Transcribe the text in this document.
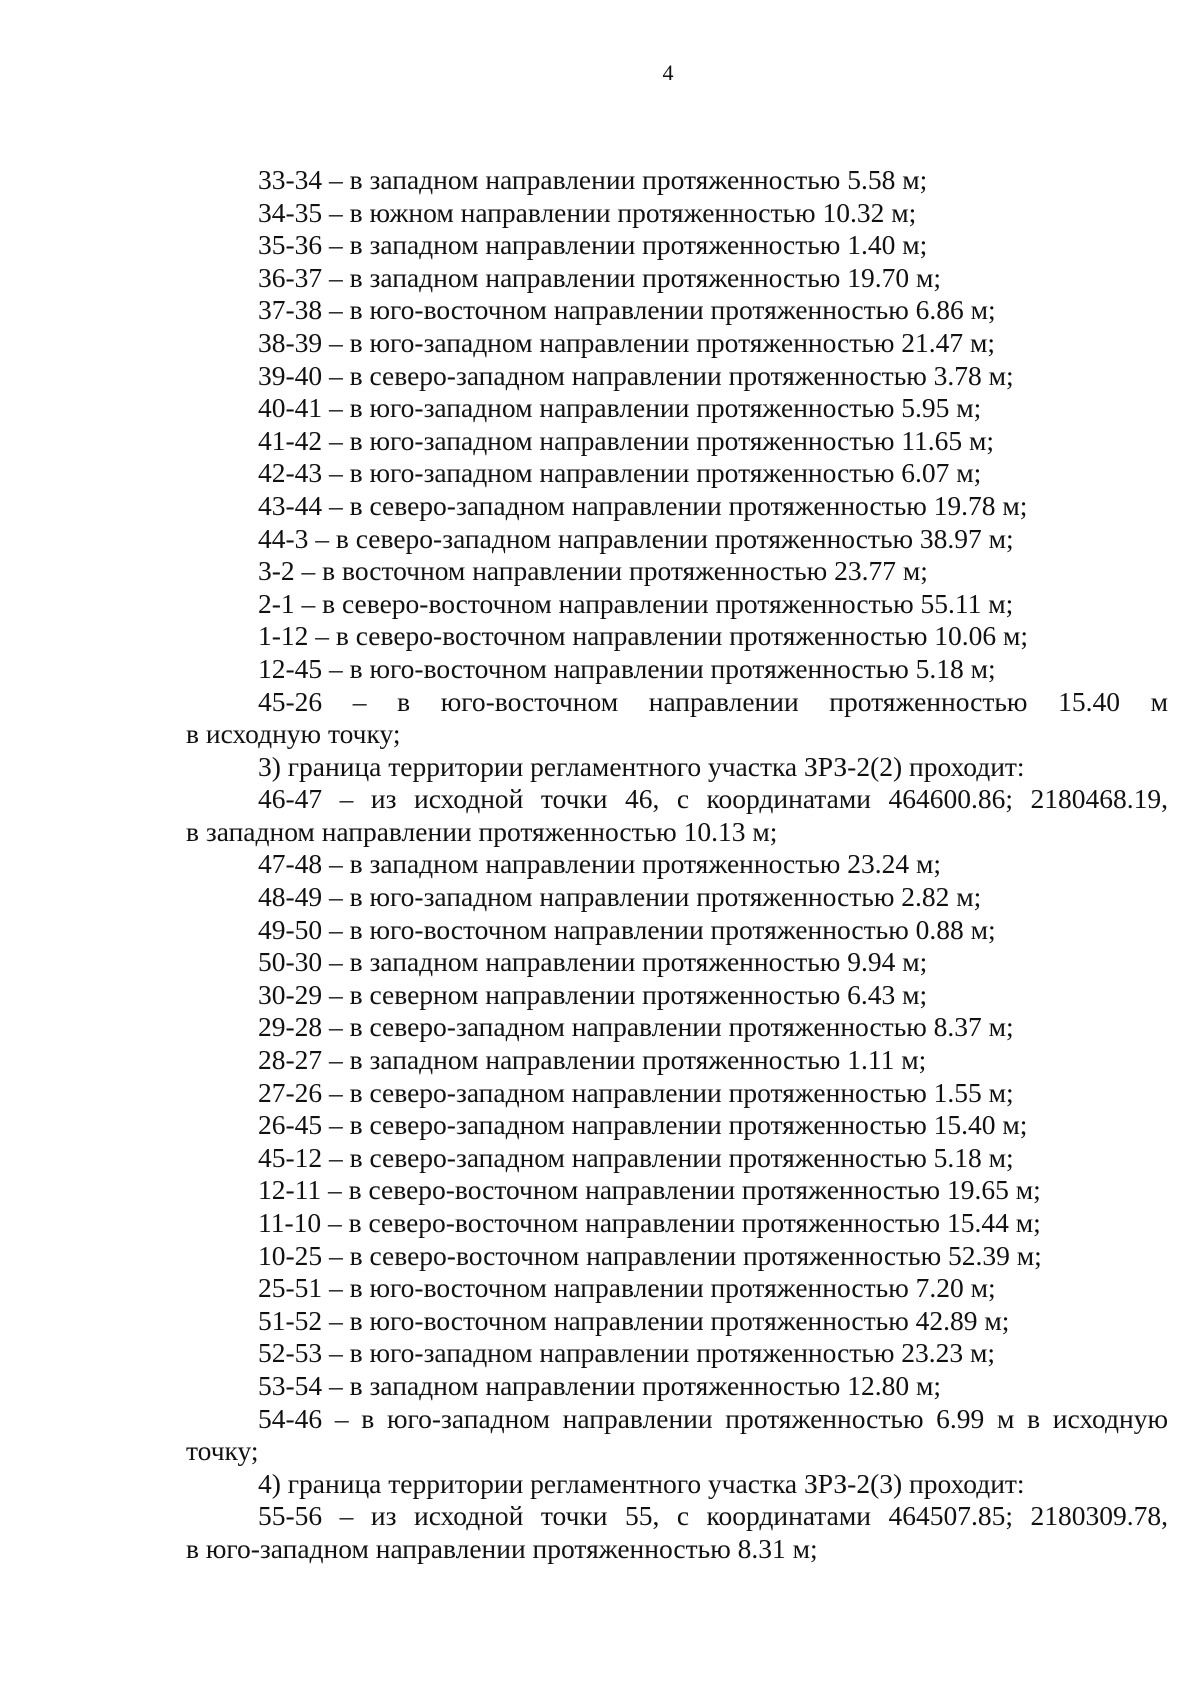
4
33-34 – в западном направлении протяженностью 5.58 м;
34-35 – в южном направлении протяженностью 10.32 м;
35-36 – в западном направлении протяженностью 1.40 м;
36-37 – в западном направлении протяженностью 19.70 м;
37-38 – в юго-восточном направлении протяженностью 6.86 м;
38-39 – в юго-западном направлении протяженностью 21.47 м;
39-40 – в северо-западном направлении протяженностью 3.78 м;
40-41 – в юго-западном направлении протяженностью 5.95 м;
41-42 – в юго-западном направлении протяженностью 11.65 м;
42-43 – в юго-западном направлении протяженностью 6.07 м;
43-44 – в северо-западном направлении протяженностью 19.78 м;
44-3 – в северо-западном направлении протяженностью 38.97 м;
3-2 – в восточном направлении протяженностью 23.77 м;
2-1 – в северо-восточном направлении протяженностью 55.11 м;
1-12 – в северо-восточном направлении протяженностью 10.06 м;
12-45 – в юго-восточном направлении протяженностью 5.18 м;
45-26 – в юго-восточном направлении протяженностью 15.40 м
в исходную точку;
3) граница территории регламентного участка ЗРЗ-2(2) проходит:
46-47 – из исходной точки 46, с координатами 464600.86; 2180468.19,
в западном направлении протяженностью 10.13 м;
47-48 – в западном направлении протяженностью 23.24 м;
48-49 – в юго-западном направлении протяженностью 2.82 м;
49-50 – в юго-восточном направлении протяженностью 0.88 м;
50-30 – в западном направлении протяженностью 9.94 м;
30-29 – в северном направлении протяженностью 6.43 м;
29-28 – в северо-западном направлении протяженностью 8.37 м;
28-27 – в западном направлении протяженностью 1.11 м;
27-26 – в северо-западном направлении протяженностью 1.55 м;
26-45 – в северо-западном направлении протяженностью 15.40 м;
45-12 – в северо-западном направлении протяженностью 5.18 м;
12-11 – в северо-восточном направлении протяженностью 19.65 м;
11-10 – в северо-восточном направлении протяженностью 15.44 м;
10-25 – в северо-восточном направлении протяженностью 52.39 м;
25-51 – в юго-восточном направлении протяженностью 7.20 м;
51-52 – в юго-восточном направлении протяженностью 42.89 м;
52-53 – в юго-западном направлении протяженностью 23.23 м;
53-54 – в западном направлении протяженностью 12.80 м;
54-46 – в юго-западном направлении протяженностью 6.99 м в исходную
точку;
4) граница территории регламентного участка ЗРЗ-2(3) проходит:
55-56 – из исходной точки 55, с координатами 464507.85; 2180309.78,
в юго-западном направлении протяженностью 8.31 м;
